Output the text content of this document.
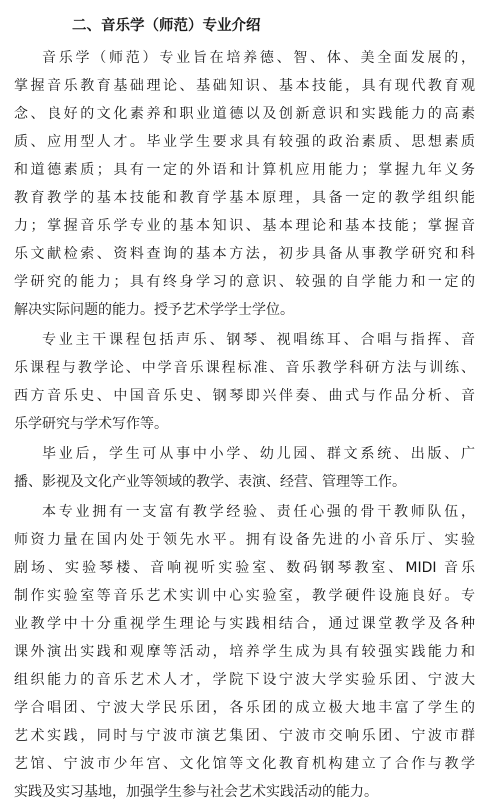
二、音乐学（师范）专业介绍
音乐学（师范）专业旨在培养德、智、体、美全面发展的，
掌握音乐教育基础理论、基础知识、基本技能，具有现代教育观
念、良好的文化素养和职业道德以及创新意识和实践能力的高素
质、应用型人才。毕业学生要求具有较强的政治素质、思想素质
和道德素质；具有一定的外语和计算机应用能力；掌握九年义务
教育教学的基本技能和教育学基本原理，具备一定的教学组织能
力；掌握音乐学专业的基本知识、基本理论和基本技能；掌握音
乐文献检索、资料查询的基本方法，初步具备从事教学研究和科
学研究的能力；具有终身学习的意识、较强的自学能力和一定的
解决实际问题的能力。授予艺术学学士学位。
专业主干课程包括声乐、钢琴、视唱练耳、合唱与指挥、音
乐课程与教学论、中学音乐课程标准、音乐教学科研方法与训练、
西方音乐史、中国音乐史、钢琴即兴伴奏、曲式与作品分析、音
乐学研究与学术写作等。
毕业后，学生可从事中小学、幼儿园、群文系统、出版、广
播、影视及文化产业等领域的教学、表演、经营、管理等工作。
本专业拥有一支富有教学经验、责任心强的骨干教师队伍，
师资力量在国内处于领先水平。拥有设备先进的小音乐厅、实验
剧场、实验琴楼、音响视听实验室、数码钢琴教室、MIDI 音乐
制作实验室等音乐艺术实训中心实验室，教学硬件设施良好。专
业教学中十分重视学生理论与实践相结合，通过课堂教学及各种
课外演出实践和观摩等活动，培养学生成为具有较强实践能力和
组织能力的音乐艺术人才，学院下设宁波大学实验乐团、宁波大
学合唱团、宁波大学民乐团，各乐团的成立极大地丰富了学生的
艺术实践，同时与宁波市演艺集团、宁波市交响乐团、宁波市群
艺馆、宁波市少年宫、文化馆等文化教育机构建立了合作与教学
实践及实习基地，加强学生参与社会艺术实践活动的能力。
